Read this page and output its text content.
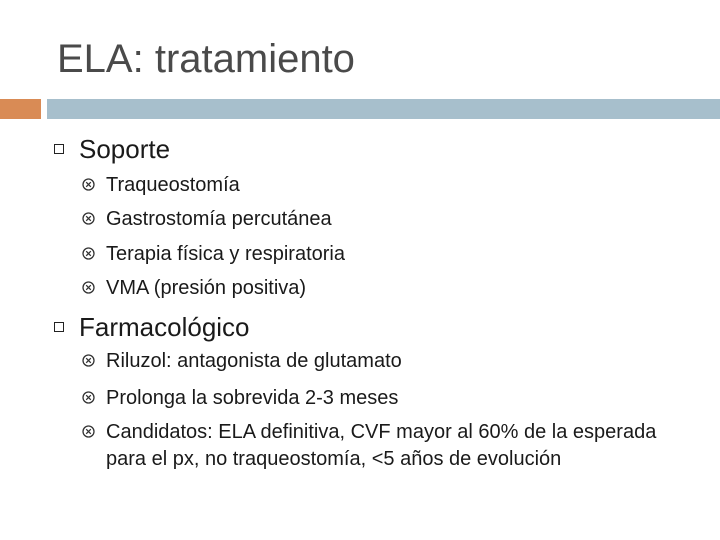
ELA: tratamiento
Soporte
Traqueostomía
Gastrostomía percutánea
Terapia física y respiratoria
VMA (presión positiva)
Farmacológico
Riluzol: antagonista de glutamato
Prolonga la sobrevida 2-3 meses
Candidatos: ELA definitiva, CVF mayor al 60% de la esperada para el px, no traqueostomía, <5 años de evolución
